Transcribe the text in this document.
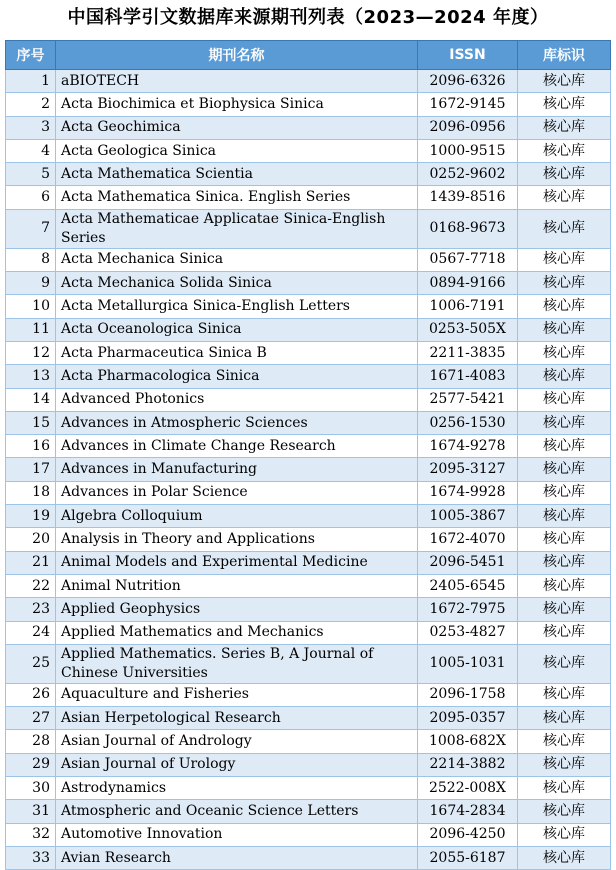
中国科学引文数据库来源期刊列表（2023—2024 年度）
序号	期刊名称	ISSN	库标识
1	aBIOTECH	2096-6326	核心库
2	Acta Biochimica et Biophysica Sinica	1672-9145	核心库
3	Acta Geochimica	2096-0956	核心库
4	Acta Geologica Sinica	1000-9515	核心库
5	Acta Mathematica Scientia	0252-9602	核心库
6	Acta Mathematica Sinica. English Series	1439-8516	核心库
7	Acta Mathematicae Applicatae Sinica-English Series	0168-9673	核心库
8	Acta Mechanica Sinica	0567-7718	核心库
9	Acta Mechanica Solida Sinica	0894-9166	核心库
10	Acta Metallurgica Sinica-English Letters	1006-7191	核心库
11	Acta Oceanologica Sinica	0253-505X	核心库
12	Acta Pharmaceutica Sinica B	2211-3835	核心库
13	Acta Pharmacologica Sinica	1671-4083	核心库
14	Advanced Photonics	2577-5421	核心库
15	Advances in Atmospheric Sciences	0256-1530	核心库
16	Advances in Climate Change Research	1674-9278	核心库
17	Advances in Manufacturing	2095-3127	核心库
18	Advances in Polar Science	1674-9928	核心库
19	Algebra Colloquium	1005-3867	核心库
20	Analysis in Theory and Applications	1672-4070	核心库
21	Animal Models and Experimental Medicine	2096-5451	核心库
22	Animal Nutrition	2405-6545	核心库
23	Applied Geophysics	1672-7975	核心库
24	Applied Mathematics and Mechanics	0253-4827	核心库
25	Applied Mathematics. Series B, A Journal of Chinese Universities	1005-1031	核心库
26	Aquaculture and Fisheries	2096-1758	核心库
27	Asian Herpetological Research	2095-0357	核心库
28	Asian Journal of Andrology	1008-682X	核心库
29	Asian Journal of Urology	2214-3882	核心库
30	Astrodynamics	2522-008X	核心库
31	Atmospheric and Oceanic Science Letters	1674-2834	核心库
32	Automotive Innovation	2096-4250	核心库
33	Avian Research	2055-6187	核心库
